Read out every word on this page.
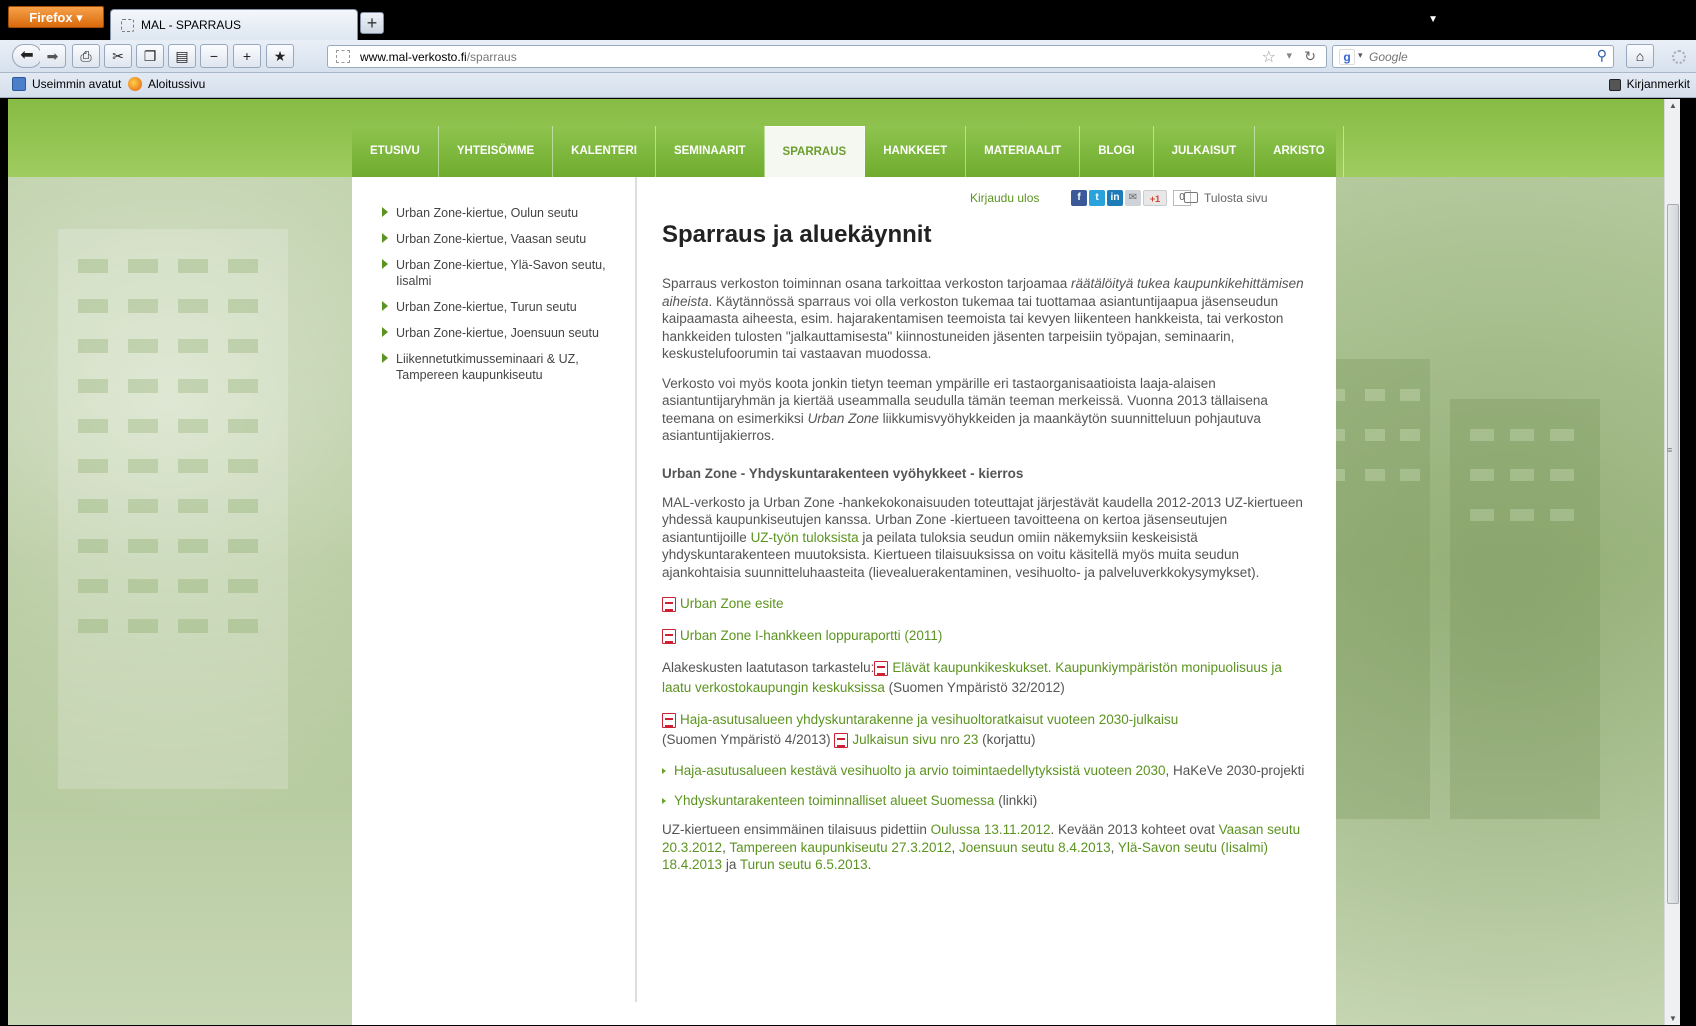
Firefox ▾	MAL - SPARRAUS	+	▼
⬅ ➡	⎙	✂	❐	▤	−	+	★	www.mal-verkosto.fi/sparraus	☆ ▾ ↻	g ▾
Google	⚲	⌂
Useimmin avatut	Aloitussivu	Kirjanmerkit
ETUSIVU	YHTEISÖMME	KALENTERI	SEMINAARIT	SPARRAUS	HANKKEET	MATERIAALIT	BLOGI	JULKAISUT	ARKISTO
Urban Zone-kiertue, Oulun seutu
Urban Zone-kiertue, Vaasan seutu
Urban Zone-kiertue, Ylä-Savon seutu, Iisalmi
Urban Zone-kiertue, Turun seutu
Urban Zone-kiertue, Joensuun seutu
Liikennetutkimusseminaari & UZ, Tampereen kaupunkiseutu
Kirjaudu ulos	f	t	in ✉	+1	0	Tulosta sivu
Sparraus ja aluekäynnit

Sparraus verkoston toiminnan osana tarkoittaa verkoston tarjoamaa räätälöityä tukea kaupunkikehittämisen aiheista. Käytännössä sparraus voi olla verkoston tukemaa tai tuottamaa asiantuntijaapua jäsenseudun kaipaamasta aiheesta, esim. hajarakentamisen teemoista tai kevyen liikenteen hankkeista, tai verkoston hankkeiden tulosten "jalkauttamisesta" kiinnostuneiden jäsenten tarpeisiin työpajan, seminaarin, keskustelufoorumin tai vastaavan muodossa.

Verkosto voi myös koota jonkin tietyn teeman ympärille eri tastaorganisaatioista laaja-alaisen asiantuntijaryhmän ja kiertää useammalla seudulla tämän teeman merkeissä. Vuonna 2013 tällaisena teemana on esimerkiksi Urban Zone liikkumisvyöhykkeiden ja maankäytön suunnitteluun pohjautuva asiantuntijakierros.

Urban Zone - Yhdyskuntarakenteen vyöhykkeet - kierros

MAL-verkosto ja Urban Zone -hankekokonaisuuden toteuttajat järjestävät kaudella 2012-2013 UZ-kiertueen yhdessä kaupunkiseutujen kanssa. Urban Zone -kiertueen tavoitteena on kertoa jäsenseutujen asiantuntijoille UZ-työn tuloksista ja peilata tuloksia seudun omiin näkemyksiin keskeisistä yhdyskuntarakenteen muutoksista. Kiertueen tilaisuuksissa on voitu käsitellä myös muita seudun ajankohtaisia suunnitteluhaasteita (lievealuerakentaminen, vesihuolto- ja palveluverkkokysymykset).

Urban Zone esite
Urban Zone I-hankkeen loppuraportti (2011)

Alakeskusten laatutason tarkastelu: Elävät kaupunkikeskukset. Kaupunkiympäristön monipuolisuus ja laatu verkostokaupungin keskuksissa (Suomen Ympäristö 32/2012)

Haja-asutusalueen yhdyskuntarakenne ja vesihuoltoratkaisut vuoteen 2030-julkaisu
(Suomen Ympäristö 4/2013) Julkaisun sivu nro 23 (korjattu)

Haja-asutusalueen kestävä vesihuolto ja arvio toimintaedellytyksistä vuoteen 2030, HaKeVe 2030-projekti

Yhdyskuntarakenteen toiminnalliset alueet Suomessa (linkki)

UZ-kiertueen ensimmäinen tilaisuus pidettiin Oulussa 13.11.2012. Kevään 2013 kohteet ovat Vaasan seutu 20.3.2012, Tampereen kaupunkiseutu 27.3.2012, Joensuun seutu 8.4.2013, Ylä-Savon seutu (Iisalmi) 18.4.2013 ja Turun seutu 6.5.2013.

▲
≡
▼
